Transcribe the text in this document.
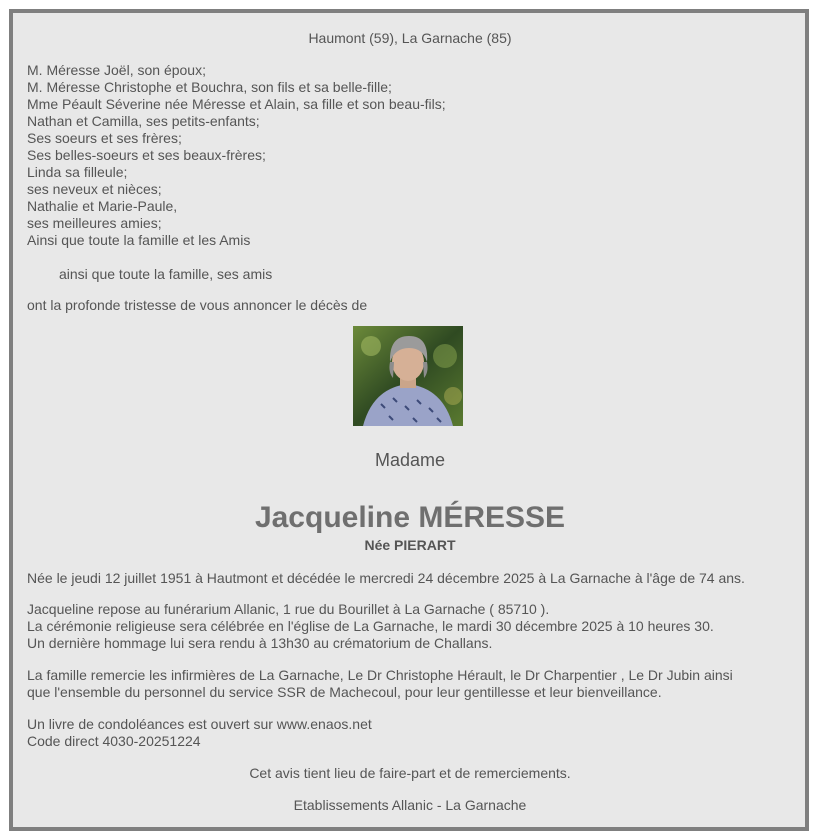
Haumont (59), La Garnache (85)
M. Méresse Joël, son époux;
M. Méresse Christophe et Bouchra, son fils et sa belle-fille;
Mme Péault Séverine née Méresse et Alain, sa fille et son beau-fils;
Nathan et Camilla, ses petits-enfants;
Ses soeurs et ses frères;
Ses belles-soeurs et ses beaux-frères;
Linda sa filleule;
ses neveux et nièces;
Nathalie et Marie-Paule,
ses meilleures amies;
Ainsi que toute la famille et les Amis
ainsi que toute la famille, ses amis
ont la profonde tristesse de vous annoncer le décès de
Madame
Jacqueline MÉRESSE
Née PIERART
Née le jeudi 12 juillet 1951 à Hautmont et décédée le mercredi 24 décembre 2025 à La Garnache à l'âge de 74 ans.
Jacqueline repose au funérarium Allanic, 1 rue du Bourillet à La Garnache ( 85710 ).
La cérémonie religieuse sera célébrée en l'église de La Garnache, le mardi 30 décembre 2025 à 10 heures 30.
Un dernière hommage lui sera rendu à 13h30 au crématorium de Challans.
La famille remercie les infirmières de La Garnache, Le Dr Christophe Hérault, le Dr Charpentier , Le Dr Jubin ainsi
que l'ensemble du personnel du service SSR de Machecoul, pour leur gentillesse et leur bienveillance.
Un livre de condoléances est ouvert sur www.enaos.net
Code direct 4030-20251224
Cet avis tient lieu de faire-part et de remerciements.
Etablissements Allanic - La Garnache
